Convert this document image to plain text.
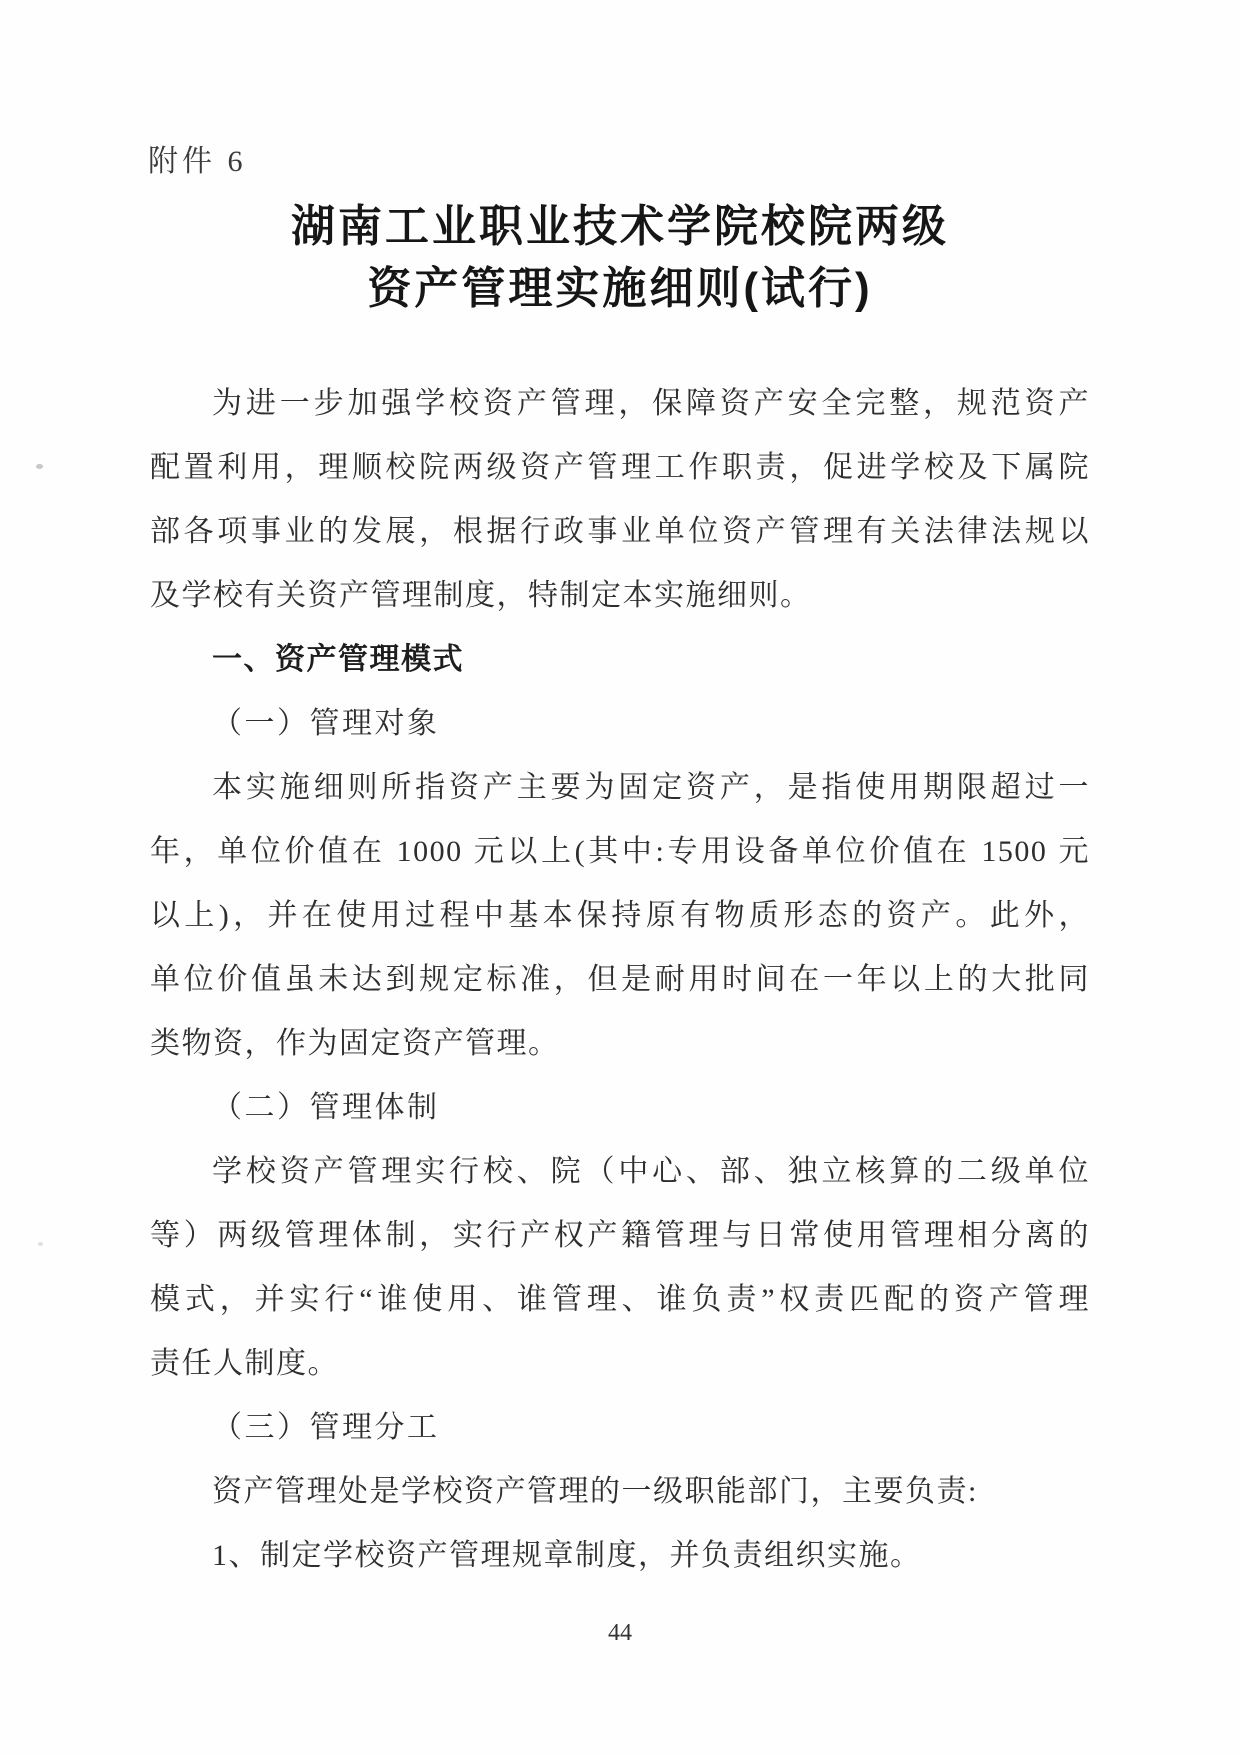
附件 6
湖南工业职业技术学院校院两级
资产管理实施细则(试行)
为进一步加强学校资产管理，保障资产安全完整，规范资产
配置利用，理顺校院两级资产管理工作职责，促进学校及下属院
部各项事业的发展，根据行政事业单位资产管理有关法律法规以
及学校有关资产管理制度，特制定本实施细则。
一、资产管理模式
（一）管理对象
本实施细则所指资产主要为固定资产，是指使用期限超过一
年，单位价值在 1000 元以上(其中:专用设备单位价值在 1500 元
以上)，并在使用过程中基本保持原有物质形态的资产。此外，
单位价值虽未达到规定标准，但是耐用时间在一年以上的大批同
类物资，作为固定资产管理。
（二）管理体制
学校资产管理实行校、院（中心、部、独立核算的二级单位
等）两级管理体制，实行产权产籍管理与日常使用管理相分离的
模式，并实行“谁使用、谁管理、谁负责”权责匹配的资产管理
责任人制度。
（三）管理分工
资产管理处是学校资产管理的一级职能部门，主要负责:
1、制定学校资产管理规章制度，并负责组织实施。
44
